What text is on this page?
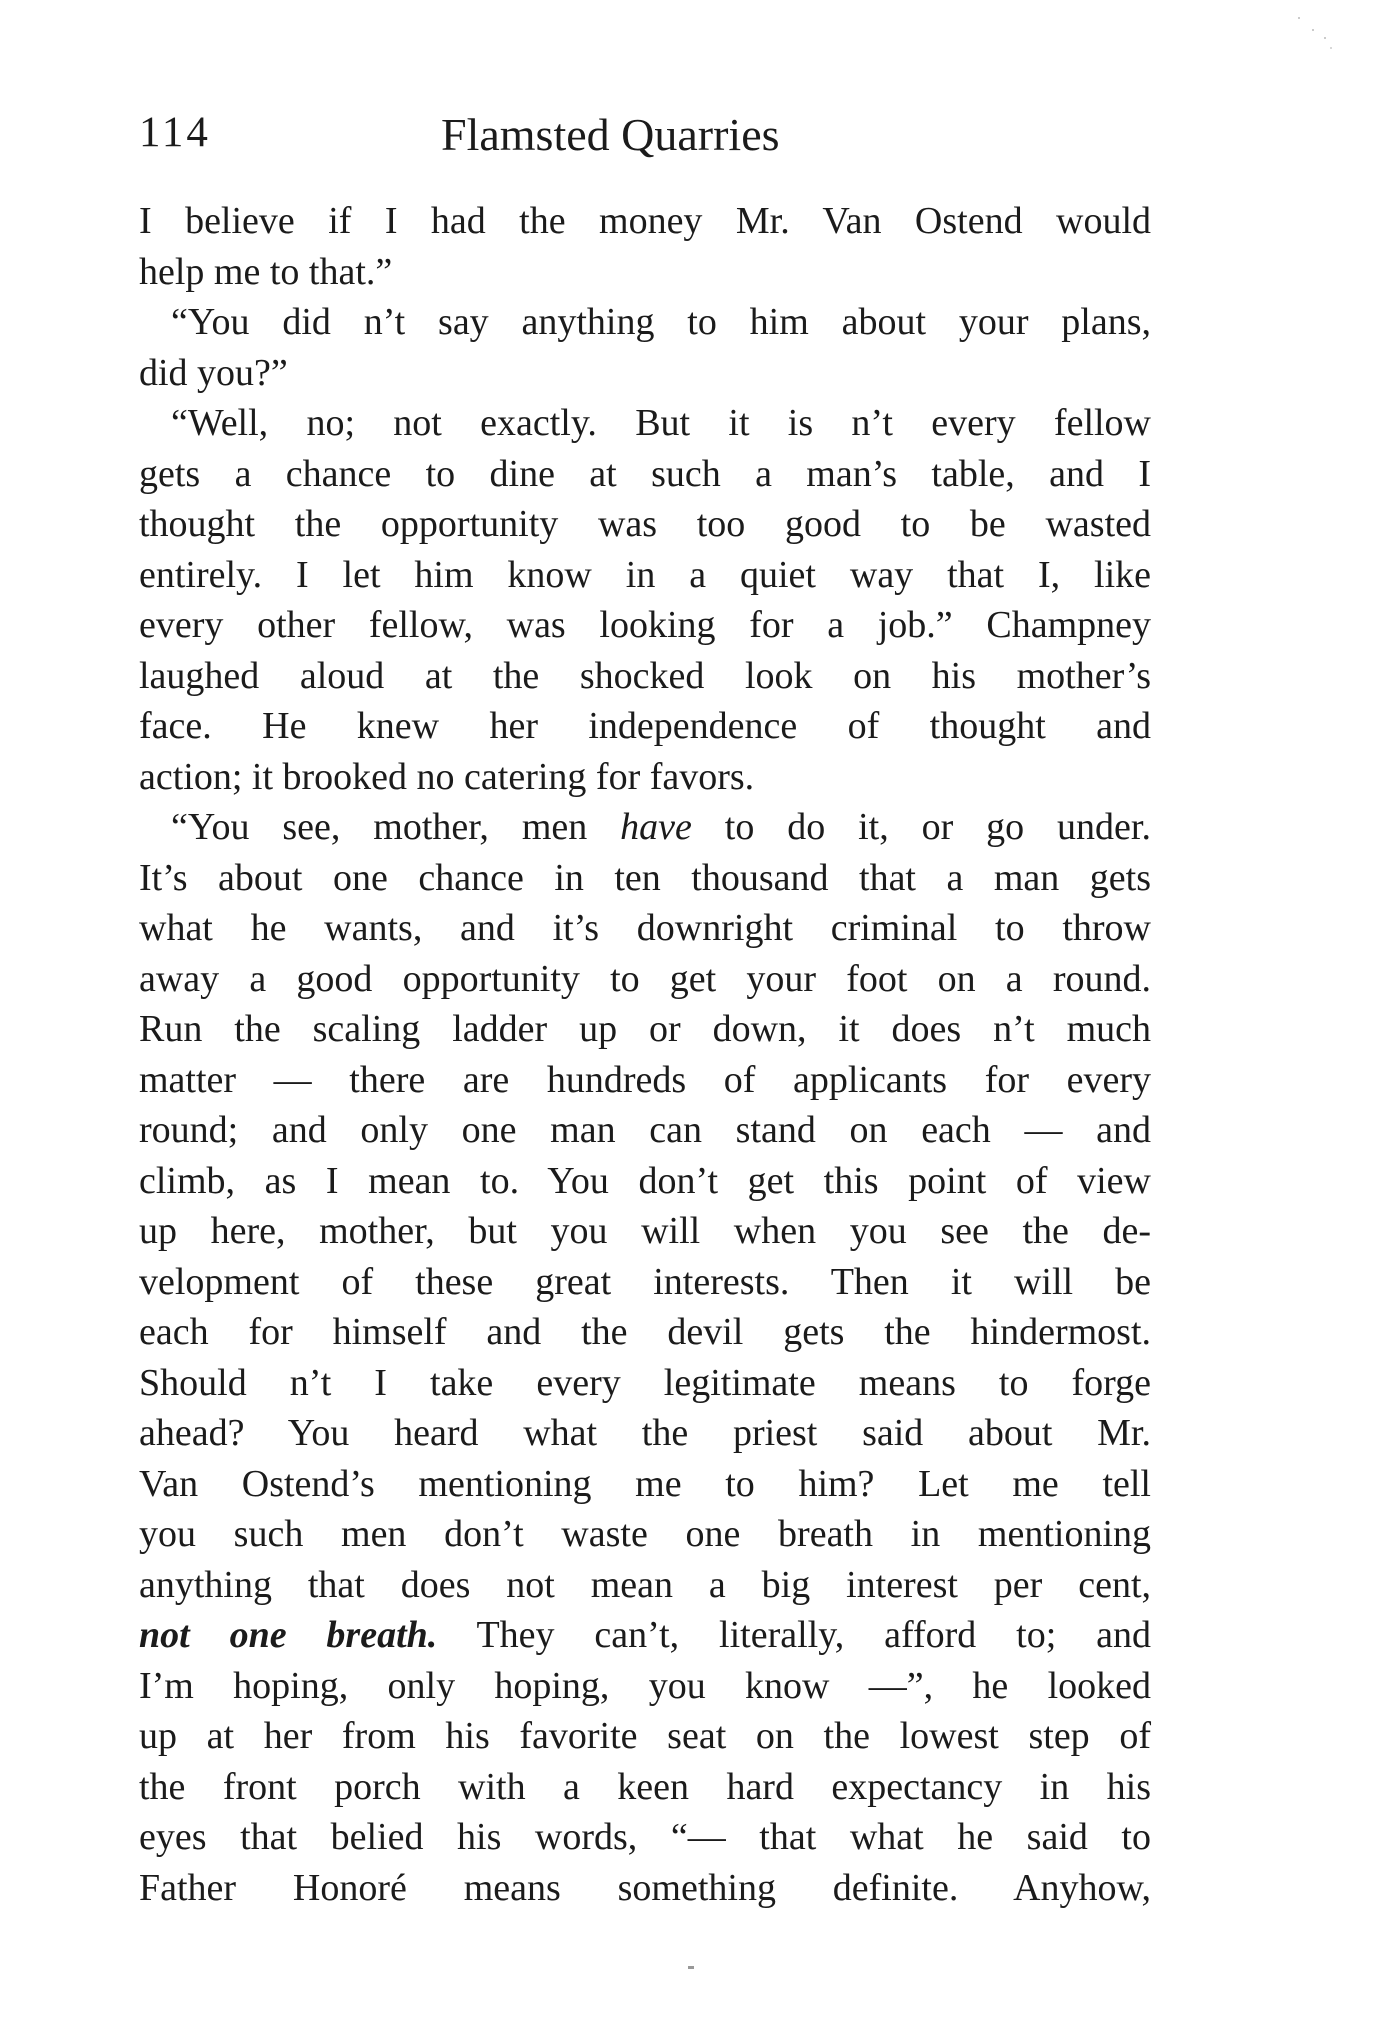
114	Flamsted Quarries
I believe if I had the money Mr. Van Ostend would
help me to that.”
“You did n’t say anything to him about your plans,
did you?”
“Well, no; not exactly. But it is n’t every fellow
gets a chance to dine at such a man’s table, and I
thought the opportunity was too good to be wasted
entirely. I let him know in a quiet way that I, like
every other fellow, was looking for a job.” Champney
laughed aloud at the shocked look on his mother’s
face. He knew her independence of thought and
action; it brooked no catering for favors.
“You see, mother, men have to do it, or go under.
It’s about one chance in ten thousand that a man gets
what he wants, and it’s downright criminal to throw
away a good opportunity to get your foot on a round.
Run the scaling ladder up or down, it does n’t much
matter — there are hundreds of applicants for every
round; and only one man can stand on each — and
climb, as I mean to. You don’t get this point of view
up here, mother, but you will when you see the de-
velopment of these great interests. Then it will be
each for himself and the devil gets the hindermost.
Should n’t I take every legitimate means to forge
ahead? You heard what the priest said about Mr.
Van Ostend’s mentioning me to him? Let me tell
you such men don’t waste one breath in mentioning
anything that does not mean a big interest per cent,
not one breath. They can’t, literally, afford to; and
I’m hoping, only hoping, you know —”, he looked
up at her from his favorite seat on the lowest step of
the front porch with a keen hard expectancy in his
eyes that belied his words, “— that what he said to
Father Honoré means something definite. Anyhow,
